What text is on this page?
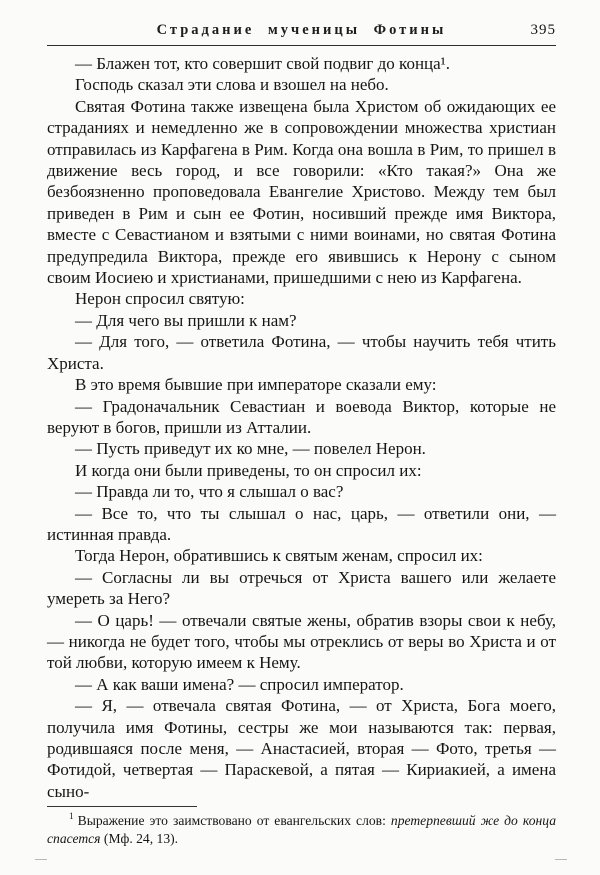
Страдание мученицы Фотины	395

— Блажен тот, кто совершит свой подвиг до конца¹.

Господь сказал эти слова и взошел на небо.

Святая Фотина также извещена была Христом об ожидающих ее страданиях и немедленно же в сопровождении множества христиан отправилась из Карфагена в Рим. Когда она вошла в Рим, то пришел в движение весь город, и все говорили: «Кто такая?» Она же безбоязненно проповедовала Евангелие Христово. Между тем был приведен в Рим и сын ее Фотин, носивший прежде имя Виктора, вместе с Севастианом и взятыми с ними воинами, но святая Фотина предупредила Виктора, прежде его явившись к Нерону с сыном своим Иосиею и христианами, пришедшими с нею из Карфагена.

Нерон спросил святую:

— Для чего вы пришли к нам?

— Для того, — ответила Фотина, — чтобы научить тебя чтить Христа.

В это время бывшие при императоре сказали ему:

— Градоначальник Севастиан и воевода Виктор, которые не веруют в богов, пришли из Атталии.

— Пусть приведут их ко мне, — повелел Нерон.

И когда они были приведены, то он спросил их:

— Правда ли то, что я слышал о вас?

— Все то, что ты слышал о нас, царь, — ответили они, — истинная правда.

Тогда Нерон, обратившись к святым женам, спросил их:

— Согласны ли вы отречься от Христа вашего или желаете умереть за Него?

— О царь! — отвечали святые жены, обратив взоры свои к небу, — никогда не будет того, чтобы мы отреклись от веры во Христа и от той любви, которую имеем к Нему.

— А как ваши имена? — спросил император.

— Я, — отвечала святая Фотина, — от Христа, Бога моего, получила имя Фотины, сестры же мои называются так: первая, родившаяся после меня, — Анастасией, вторая — Фото, третья — Фотидой, четвертая — Параскевой, а пятая — Кириакией, а имена сыно-

$^1$ Выражение это заимствовано от евангельских слов: претерпевший же до конца спасется (Мф. 24, 13).
